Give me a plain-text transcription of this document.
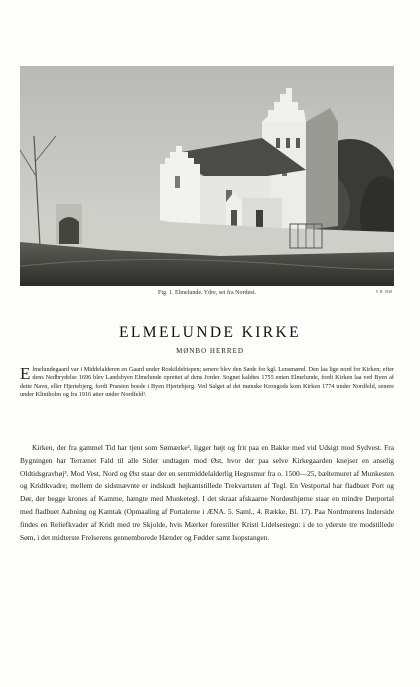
Fig. 1. Elmelunde. Ydre, set fra Nordøst.	V. H. 1938
ELMELUNDE KIRKE
MØNBO HERRED

Elmelundegaard var i Middelalderen en Gaard under Roskildebispen; senere blev den Sæde for kgl. Lensmænd. Den laa lige nord for Kirken; efter dens Nedbrydelse 1696 blev Landsbyen Elmelunde oprettet af dens Jorder. Sognet kaldtes 1755 enten Elmelunde, fordi Kirken laa ved Byen af dette Navn, eller Hjertebjerg, fordi Præsten boede i Byen Hjertebjerg. Ved Salget af det mønske Krongods kom Kirken 1774 under Nordfeld, senere under Klintholm og fra 1916 atter under Nordfeld¹.

Kirken, der fra gammel Tid har tjent som Sømærke², ligger højt og frit paa en Bakke med vid Udsigt mod Sydvest. Fra Bygningen har Terrænet Fald til alle Sider undtagen mod Øst, hvor der paa selve Kirkegaarden knejser en anselig Oldtidsgravhøj³. Mod Vest, Nord og Øst staar der en sentmiddelalderlig Hegnsmur fra o. 1500—25, bæltemuret af Munkesten og Kridtkvadre; mellem de sidstnævnte er indskudt højkantstillede Trekvartsten af Tegl. En Vestportal har fladbuet Port og Dør, der begge krones af Kamme, hængte med Munketegl. I det skraat afskaarne Nordøsthjørne staar en mindre Dørportal med fladbuet Aabning og Kamtak (Opmaaling af Portalerne i ÆNA. 5. Saml., 4. Række, Bl. 17). Paa Nordmurens Inderside findes en Reliefkvader af Kridt med tre Skjolde, hvis Mærker forestiller Kristi Lidelsestegn: i de to yderste tre modstillede Søm, i det midterste Frelserens gennemborede Hænder og Fødder samt Isopstangen.
